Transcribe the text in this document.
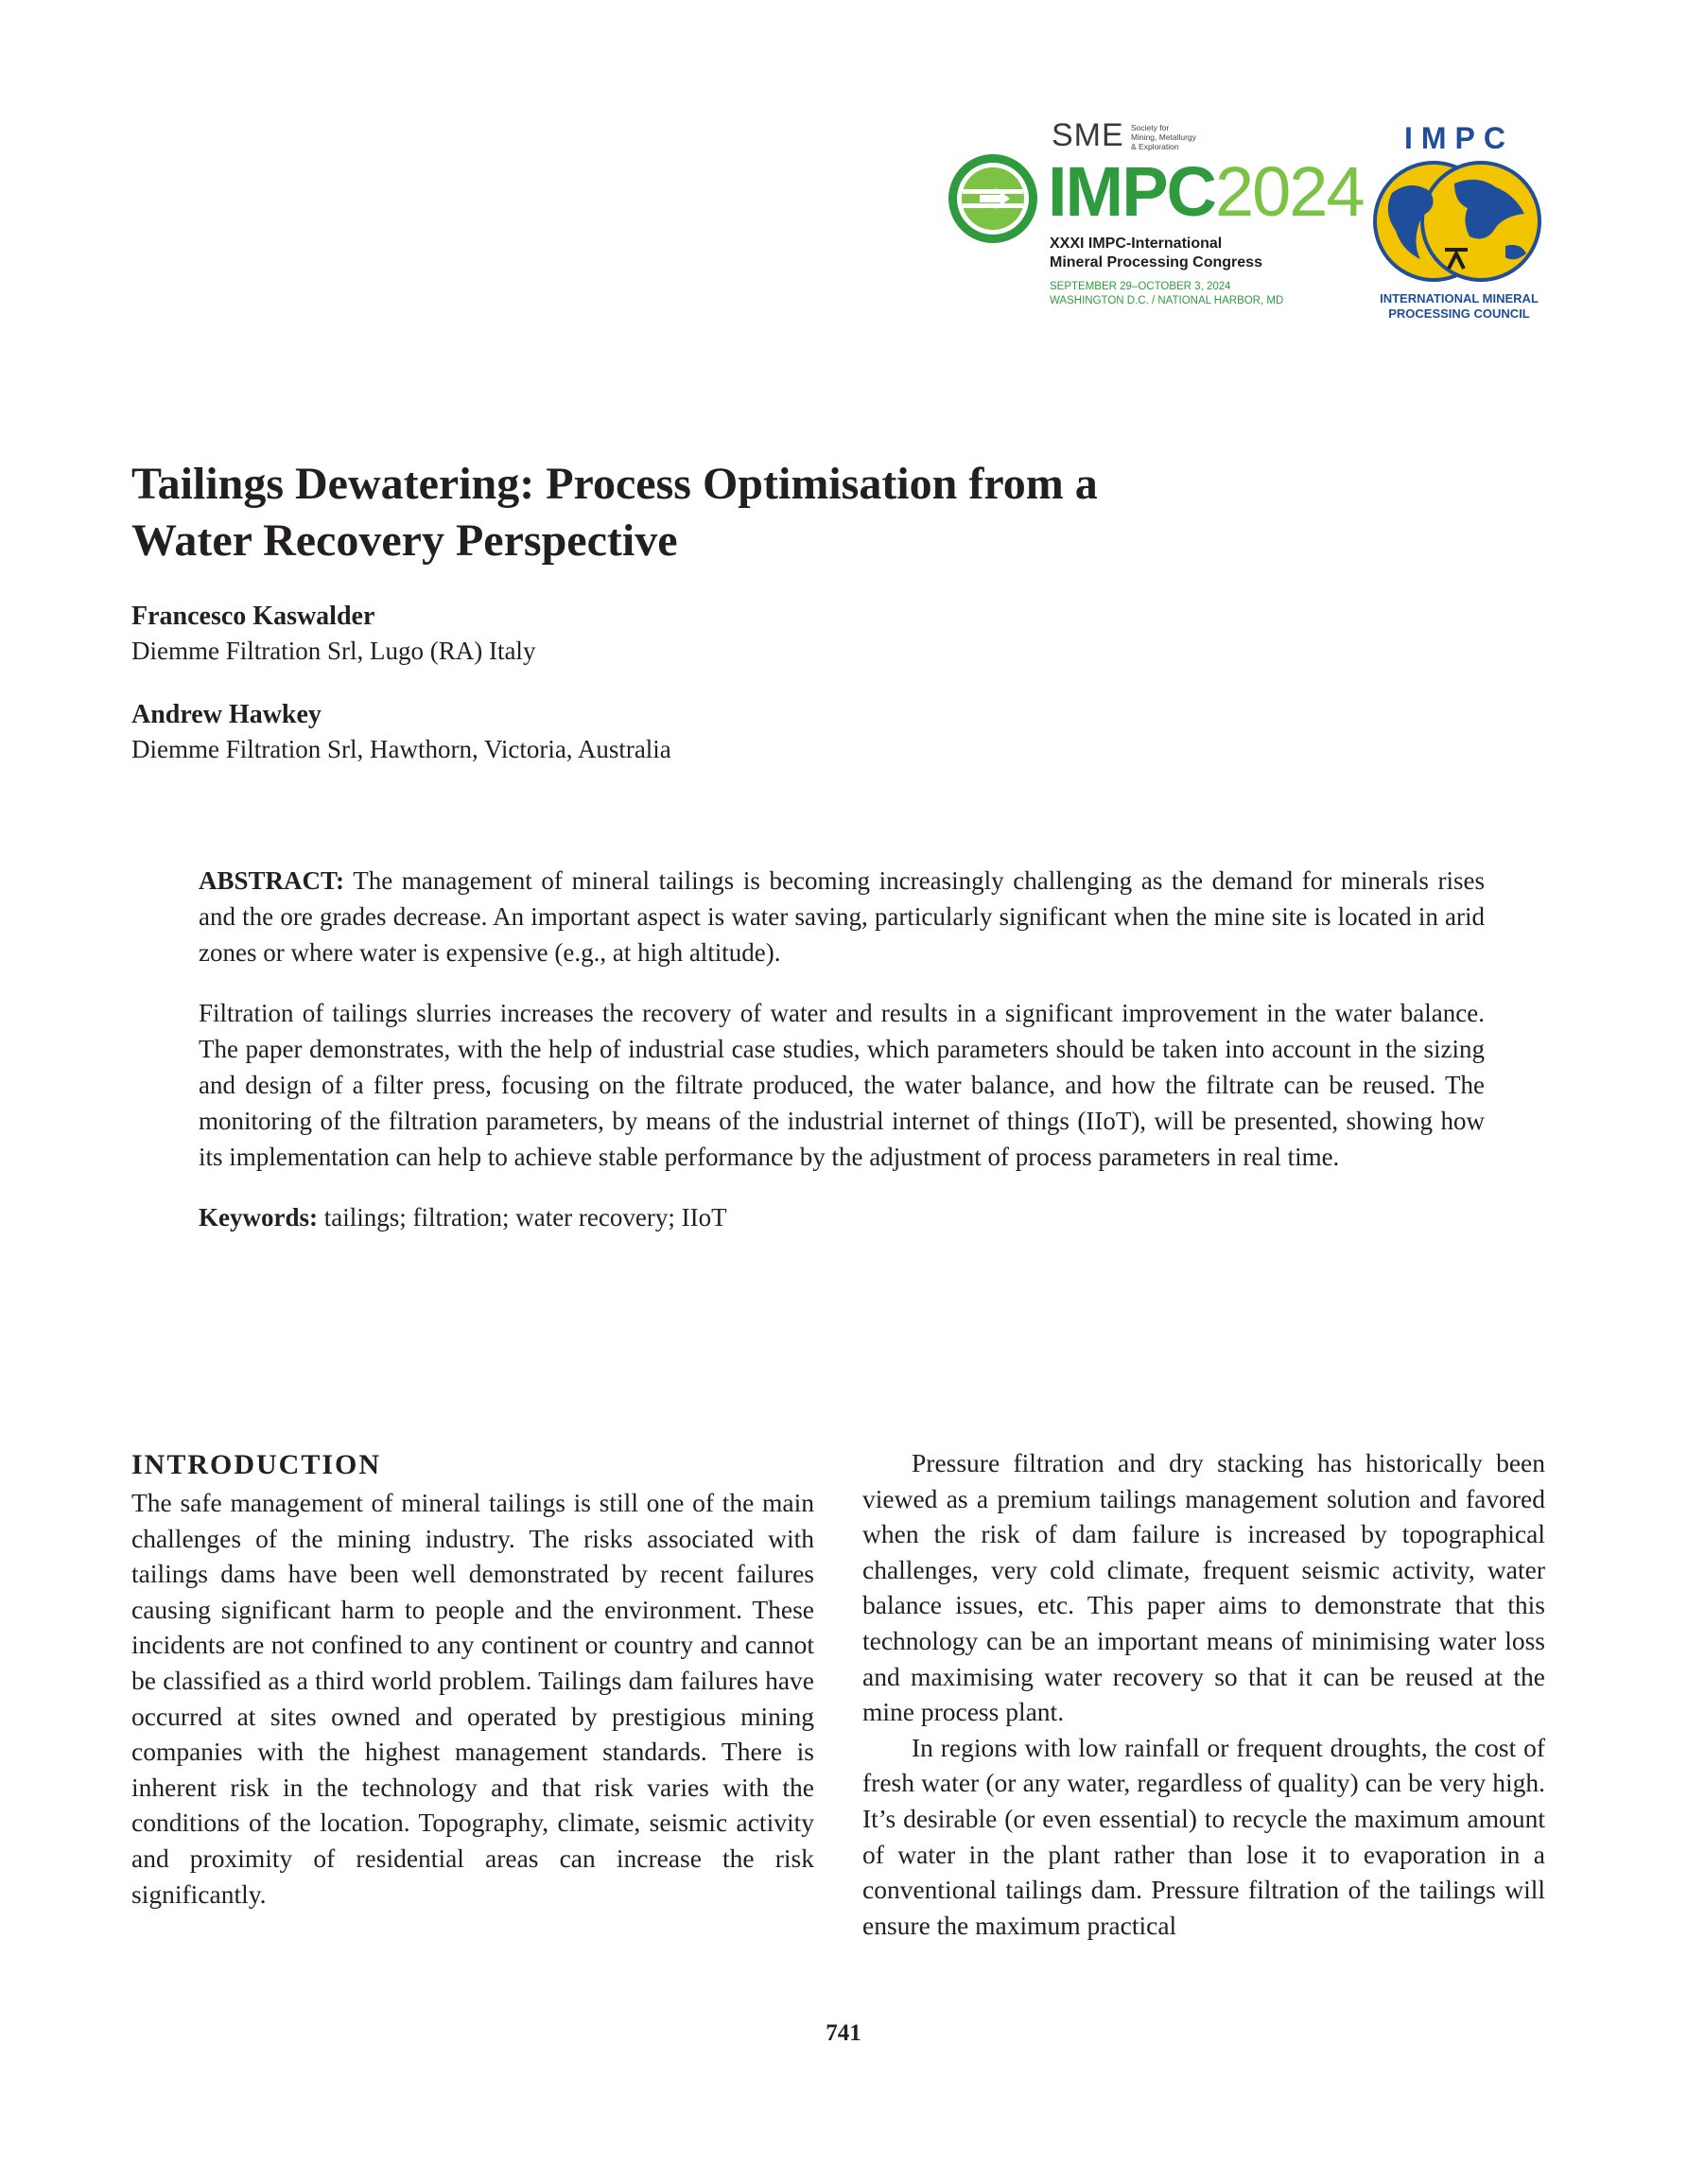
SME Society for
Mining, Metallurgy
& Exploration
IMPC2024
XXXI IMPC-International
Mineral Processing Congress
SEPTEMBER 29–OCTOBER 3, 2024
WASHINGTON D.C. / NATIONAL HARBOR, MD
IMPC
INTERNATIONAL MINERAL
PROCESSING COUNCIL
Tailings Dewatering: Process Optimisation from a
Water Recovery Perspective
Francesco Kaswalder
Diemme Filtration Srl, Lugo (RA) Italy
Andrew Hawkey
Diemme Filtration Srl, Hawthorn, Victoria, Australia

ABSTRACT: The management of mineral tailings is becoming increasingly challenging as the demand for minerals rises and the ore grades decrease. An important aspect is water saving, particularly significant when the mine site is located in arid zones or where water is expensive (e.g., at high altitude).

Filtration of tailings slurries increases the recovery of water and results in a significant improvement in the water balance. The paper demonstrates, with the help of industrial case studies, which parameters should be taken into account in the sizing and design of a filter press, focusing on the filtrate produced, the water balance, and how the filtrate can be reused. The monitoring of the filtration parameters, by means of the industrial internet of things (IIoT), will be presented, showing how its implementation can help to achieve stable performance by the adjustment of process parameters in real time.

Keywords: tailings; filtration; water recovery; IIoT

INTRODUCTION

The safe management of mineral tailings is still one of the main challenges of the mining industry. The risks associated with tailings dams have been well demonstrated by recent failures causing significant harm to people and the environment. These incidents are not confined to any continent or country and cannot be classified as a third world problem. Tailings dam failures have occurred at sites owned and operated by prestigious mining companies with the highest management standards. There is inherent risk in the technology and that risk varies with the conditions of the location. Topography, climate, seismic activity and proximity of residential areas can increase the risk significantly.

Pressure filtration and dry stacking has historically been viewed as a premium tailings management solution and favored when the risk of dam failure is increased by topographical challenges, very cold climate, frequent seismic activity, water balance issues, etc. This paper aims to demonstrate that this technology can be an important means of minimising water loss and maximising water recovery so that it can be reused at the mine process plant.

In regions with low rainfall or frequent droughts, the cost of fresh water (or any water, regardless of quality) can be very high. It’s desirable (or even essential) to recycle the maximum amount of water in the plant rather than lose it to evaporation in a conventional tailings dam. Pressure filtration of the tailings will ensure the maximum practical

741
